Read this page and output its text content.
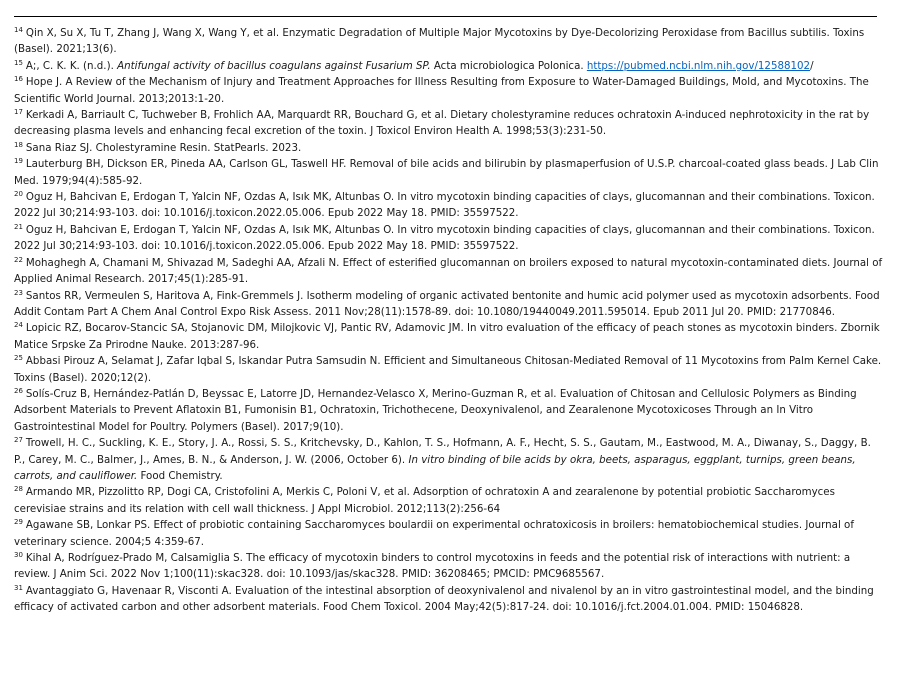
$^{14}$ Qin X, Su X, Tu T, Zhang J, Wang X, Wang Y, et al. Enzymatic Degradation of Multiple Major Mycotoxins by Dye-Decolorizing Peroxidase from Bacillus subtilis. Toxins (Basel). 2021;13(6).

$^{15}$ A;, C. K. K. (n.d.). Antifungal activity of bacillus coagulans against Fusarium SP. Acta microbiologica Polonica. https://pubmed.ncbi.nlm.nih.gov/12588102/

$^{16}$ Hope J. A Review of the Mechanism of Injury and Treatment Approaches for Illness Resulting from Exposure to Water-Damaged Buildings, Mold, and Mycotoxins. The Scientific World Journal. 2013;2013:1-20.

$^{17}$ Kerkadi A, Barriault C, Tuchweber B, Frohlich AA, Marquardt RR, Bouchard G, et al. Dietary cholestyramine reduces ochratoxin A-induced nephrotoxicity in the rat by decreasing plasma levels and enhancing fecal excretion of the toxin. J Toxicol Environ Health A. 1998;53(3):231-50.

$^{18}$ Sana Riaz SJ. Cholestyramine Resin. StatPearls. 2023.

$^{19}$ Lauterburg BH, Dickson ER, Pineda AA, Carlson GL, Taswell HF. Removal of bile acids and bilirubin by plasmaperfusion of U.S.P. charcoal-coated glass beads. J Lab Clin Med. 1979;94(4):585-92.

$^{20}$ Oguz H, Bahcivan E, Erdogan T, Yalcin NF, Ozdas A, Isık MK, Altunbas O. In vitro mycotoxin binding capacities of clays, glucomannan and their combinations. Toxicon. 2022 Jul 30;214:93-103. doi: 10.1016/j.toxicon.2022.05.006. Epub 2022 May 18. PMID: 35597522.

$^{21}$ Oguz H, Bahcivan E, Erdogan T, Yalcin NF, Ozdas A, Isık MK, Altunbas O. In vitro mycotoxin binding capacities of clays, glucomannan and their combinations. Toxicon. 2022 Jul 30;214:93-103. doi: 10.1016/j.toxicon.2022.05.006. Epub 2022 May 18. PMID: 35597522.

$^{22}$ Mohaghegh A, Chamani M, Shivazad M, Sadeghi AA, Afzali N. Effect of esterified glucomannan on broilers exposed to natural mycotoxin-contaminated diets. Journal of Applied Animal Research. 2017;45(1):285-91.

$^{23}$ Santos RR, Vermeulen S, Haritova A, Fink-Gremmels J. Isotherm modeling of organic activated bentonite and humic acid polymer used as mycotoxin adsorbents. Food Addit Contam Part A Chem Anal Control Expo Risk Assess. 2011 Nov;28(11):1578-89. doi: 10.1080/19440049.2011.595014. Epub 2011 Jul 20. PMID: 21770846.

$^{24}$ Lopicic RZ, Bocarov-Stancic SA, Stojanovic DM, Milojkovic VJ, Pantic RV, Adamovic JM. In vitro evaluation of the efficacy of peach stones as mycotoxin binders. Zbornik Matice Srpske Za Prirodne Nauke. 2013:287-96.

$^{25}$ Abbasi Pirouz A, Selamat J, Zafar Iqbal S, Iskandar Putra Samsudin N. Efficient and Simultaneous Chitosan-Mediated Removal of 11 Mycotoxins from Palm Kernel Cake. Toxins (Basel). 2020;12(2).

$^{26}$ Solís-Cruz B, Hernández-Patlán D, Beyssac E, Latorre JD, Hernandez-Velasco X, Merino-Guzman R, et al. Evaluation of Chitosan and Cellulosic Polymers as Binding Adsorbent Materials to Prevent Aflatoxin B1, Fumonisin B1, Ochratoxin, Trichothecene, Deoxynivalenol, and Zearalenone Mycotoxicoses Through an In Vitro Gastrointestinal Model for Poultry. Polymers (Basel). 2017;9(10).

$^{27}$ Trowell, H. C., Suckling, K. E., Story, J. A., Rossi, S. S., Kritchevsky, D., Kahlon, T. S., Hofmann, A. F., Hecht, S. S., Gautam, M., Eastwood, M. A., Diwanay, S., Daggy, B. P., Carey, M. C., Balmer, J., Ames, B. N., & Anderson, J. W. (2006, October 6). In vitro binding of bile acids by okra, beets, asparagus, eggplant, turnips, green beans, carrots, and cauliflower. Food Chemistry.

$^{28}$ Armando MR, Pizzolitto RP, Dogi CA, Cristofolini A, Merkis C, Poloni V, et al. Adsorption of ochratoxin A and zearalenone by potential probiotic Saccharomyces cerevisiae strains and its relation with cell wall thickness. J Appl Microbiol. 2012;113(2):256-64

$^{29}$ Agawane SB, Lonkar PS. Effect of probiotic containing Saccharomyces boulardii on experimental ochratoxicosis in broilers: hematobiochemical studies. Journal of veterinary science. 2004;5 4:359-67.

$^{30}$ Kihal A, Rodríguez-Prado M, Calsamiglia S. The efficacy of mycotoxin binders to control mycotoxins in feeds and the potential risk of interactions with nutrient: a review. J Anim Sci. 2022 Nov 1;100(11):skac328. doi: 10.1093/jas/skac328. PMID: 36208465; PMCID: PMC9685567.

$^{31}$ Avantaggiato G, Havenaar R, Visconti A. Evaluation of the intestinal absorption of deoxynivalenol and nivalenol by an in vitro gastrointestinal model, and the binding efficacy of activated carbon and other adsorbent materials. Food Chem Toxicol. 2004 May;42(5):817-24. doi: 10.1016/j.fct.2004.01.004. PMID: 15046828.
